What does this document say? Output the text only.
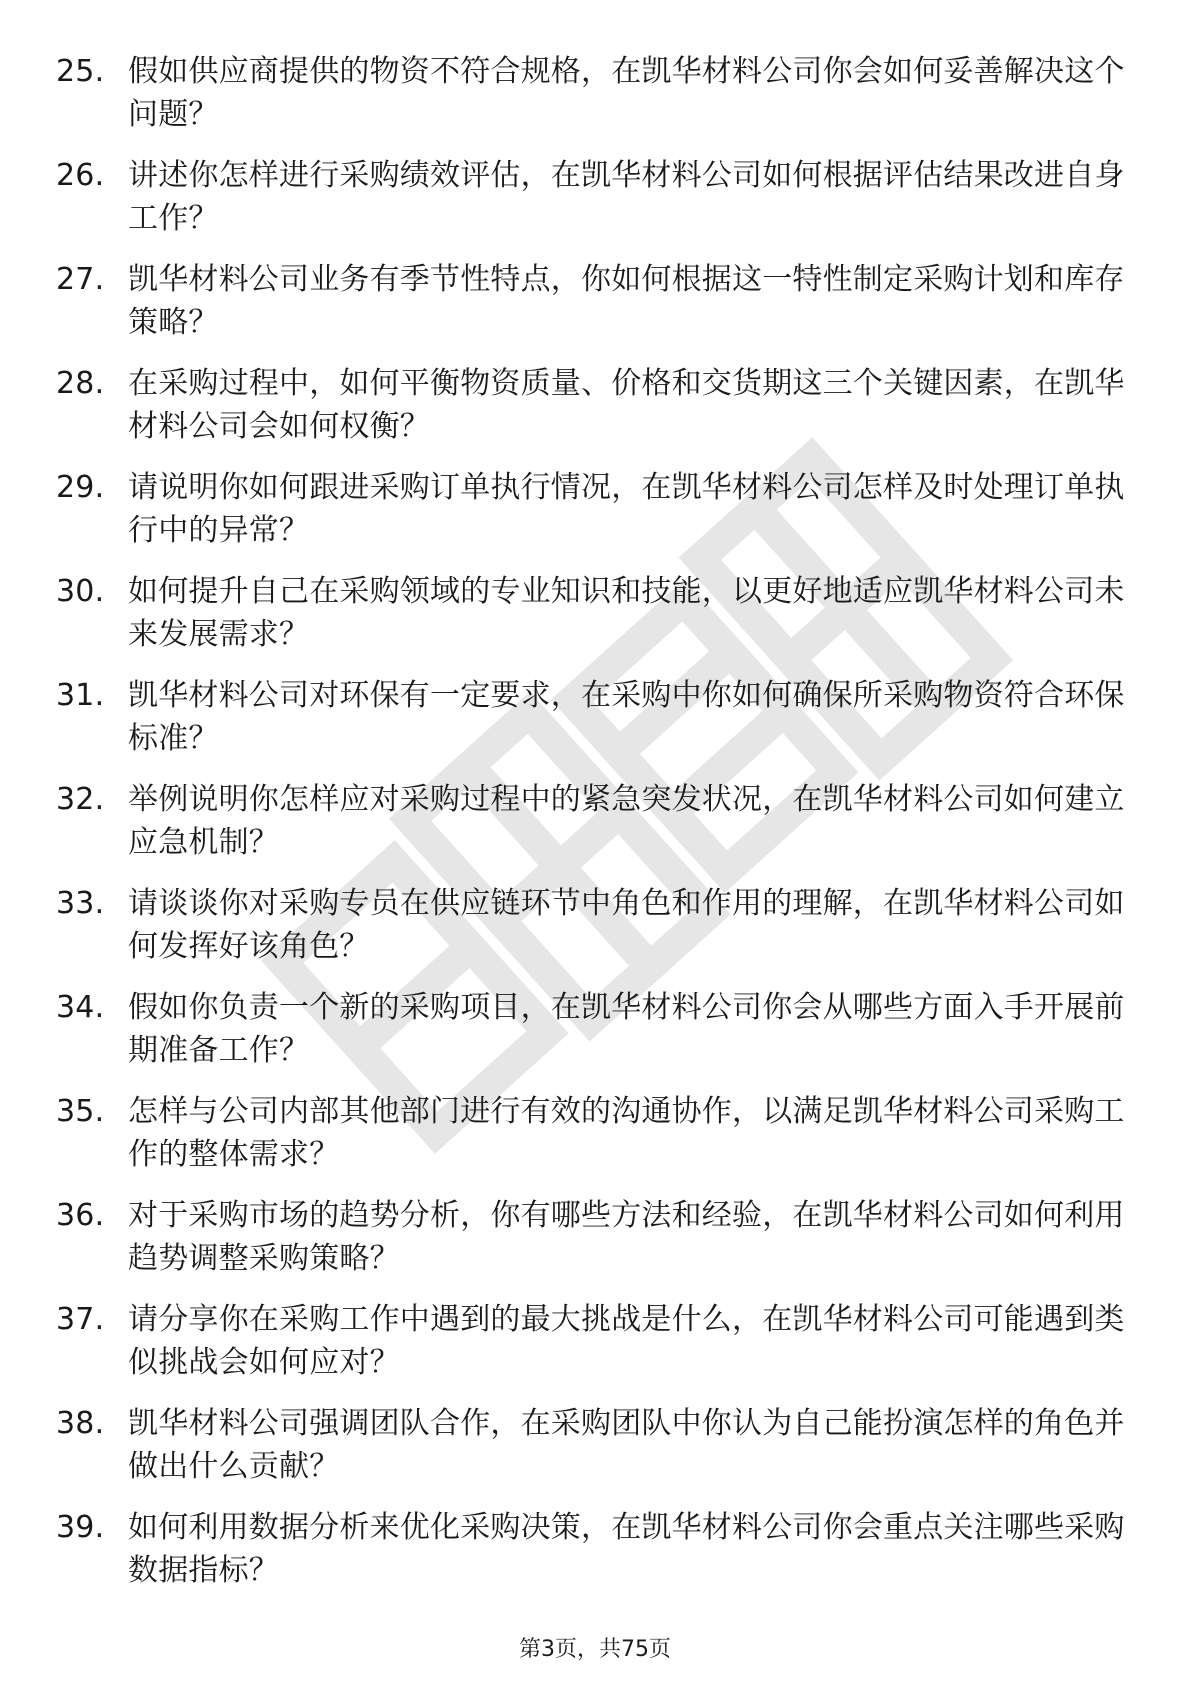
25. 假如供应商提供的物资不符合规格，在凯华材料公司你会如何妥善解决这个问题？
26. 讲述你怎样进行采购绩效评估，在凯华材料公司如何根据评估结果改进自身工作？
27. 凯华材料公司业务有季节性特点，你如何根据这一特性制定采购计划和库存策略？
28. 在采购过程中，如何平衡物资质量、价格和交货期这三个关键因素，在凯华材料公司会如何权衡？
29. 请说明你如何跟进采购订单执行情况，在凯华材料公司怎样及时处理订单执行中的异常？
30. 如何提升自己在采购领域的专业知识和技能，以更好地适应凯华材料公司未来发展需求？
31. 凯华材料公司对环保有一定要求，在采购中你如何确保所采购物资符合环保标准？
32. 举例说明你怎样应对采购过程中的紧急突发状况，在凯华材料公司如何建立应急机制？
33. 请谈谈你对采购专员在供应链环节中角色和作用的理解，在凯华材料公司如何发挥好该角色？
34. 假如你负责一个新的采购项目，在凯华材料公司你会从哪些方面入手开展前期准备工作？
35. 怎样与公司内部其他部门进行有效的沟通协作，以满足凯华材料公司采购工作的整体需求？
36. 对于采购市场的趋势分析，你有哪些方法和经验，在凯华材料公司如何利用趋势调整采购策略？
37. 请分享你在采购工作中遇到的最大挑战是什么，在凯华材料公司可能遇到类似挑战会如何应对？
38. 凯华材料公司强调团队合作，在采购团队中你认为自己能扮演怎样的角色并做出什么贡献？
39. 如何利用数据分析来优化采购决策，在凯华材料公司你会重点关注哪些采购数据指标？
第3页，共75页
